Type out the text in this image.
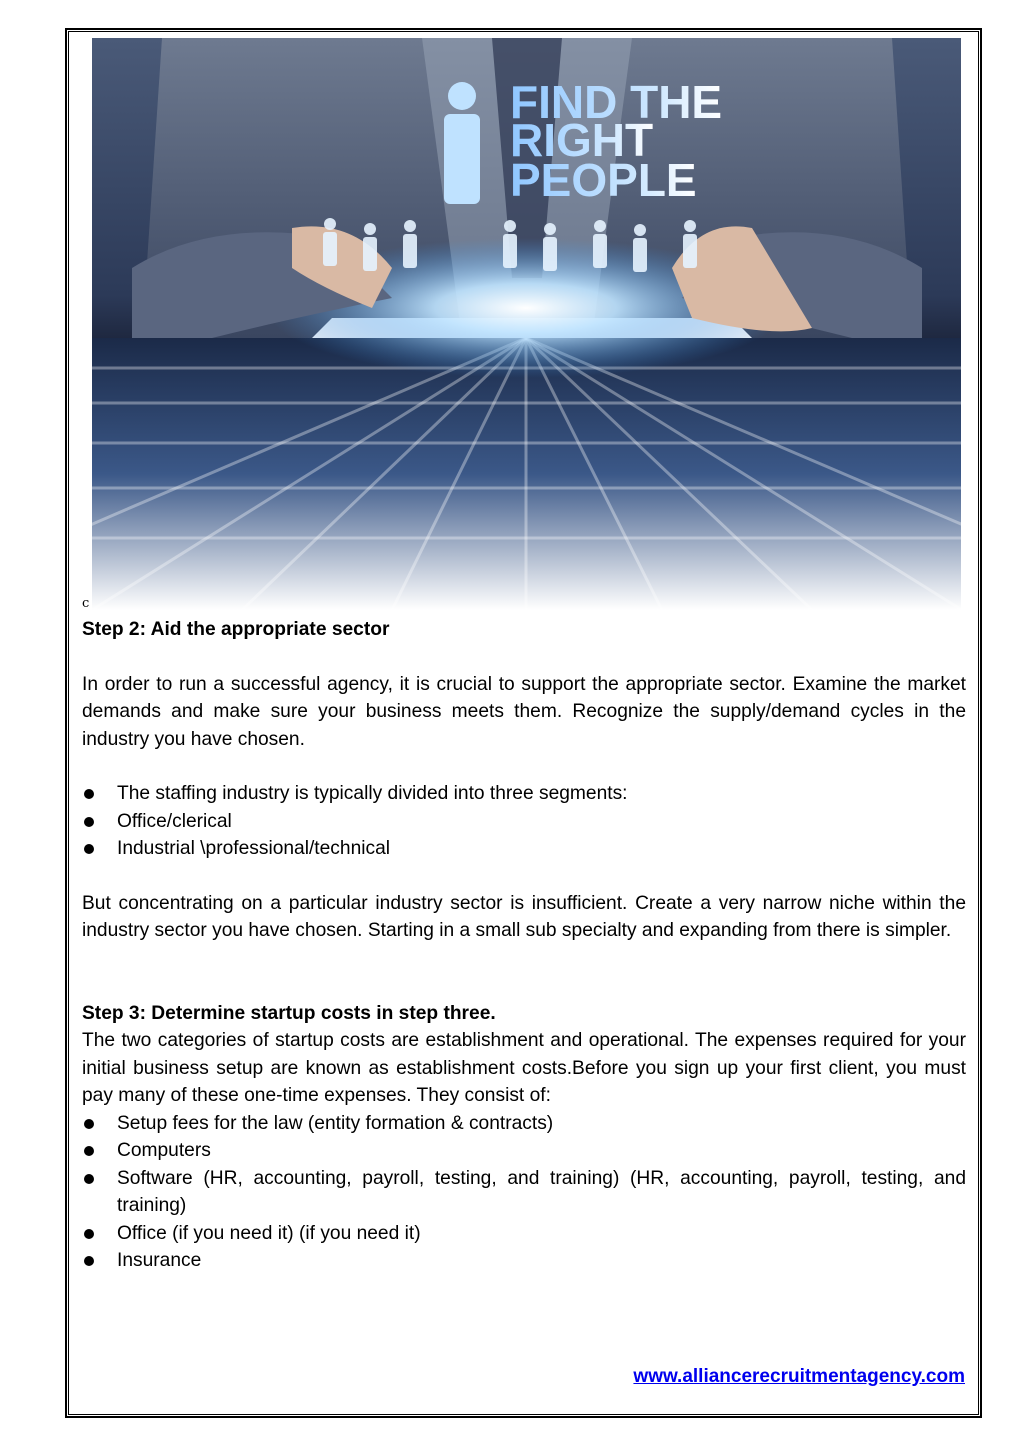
FIND THE
RIGHT
PEOPLE
c
Step 2: Aid the appropriate sector

In order to run a successful agency, it is crucial to support the appropriate sector. Examine the market demands and make sure your business meets them. Recognize the supply/demand cycles in the industry you have chosen.

The staffing industry is typically divided into three segments:
Office/clerical
Industrial \professional/technical

But concentrating on a particular industry sector is insufficient. Create a very narrow niche within the industry sector you have chosen. Starting in a small sub specialty and expanding from there is simpler.

Step 3: Determine startup costs in step three.

The two categories of startup costs are establishment and operational. The expenses required for your initial business setup are known as establishment costs.Before you sign up your first client, you must pay many of these one-time expenses. They consist of:

Setup fees for the law (entity formation & contracts)
Computers
Software (HR, accounting, payroll, testing, and training) (HR, accounting, payroll, testing, and training)
Office (if you need it) (if you need it)
Insurance
www.alliancerecruitmentagency.com
